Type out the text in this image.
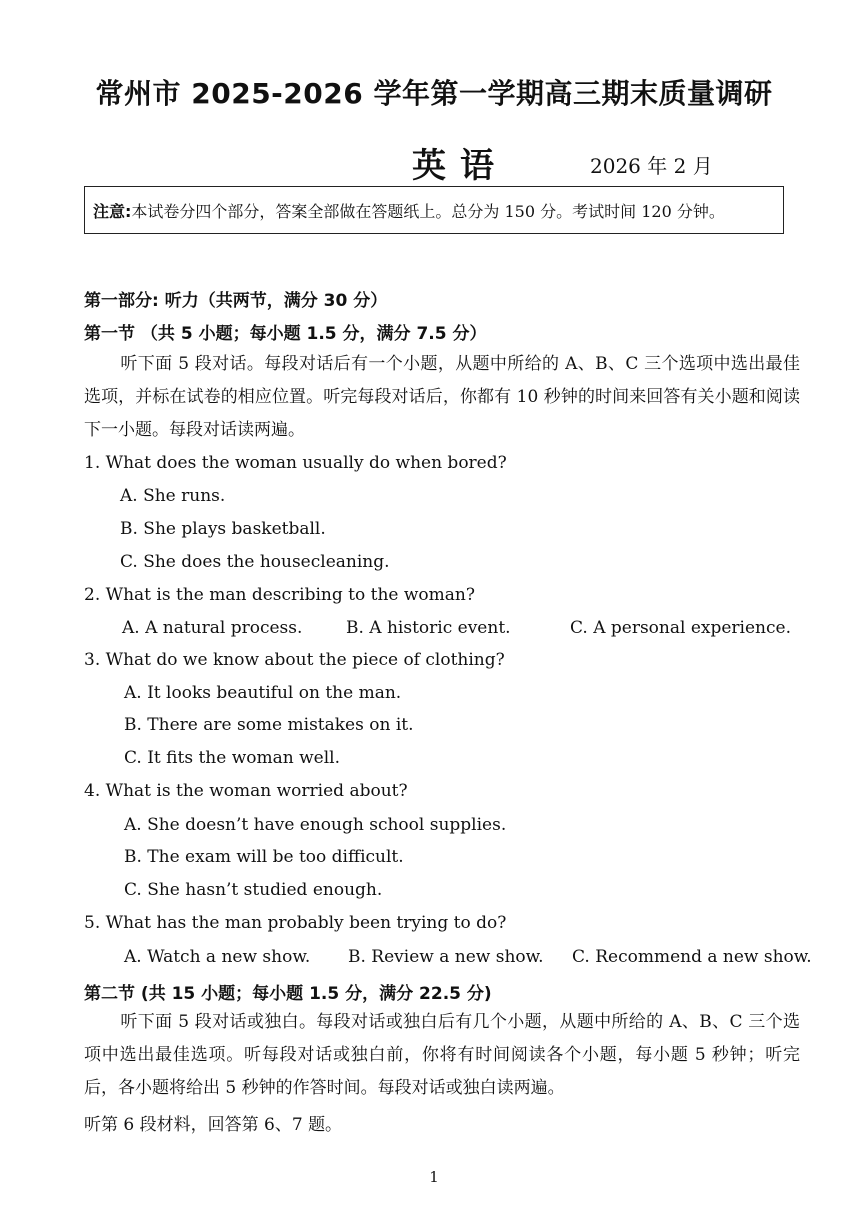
常州市 2025-2026 学年第一学期高三期末质量调研
英语	2026 年 2 月
注意:本试卷分四个部分，答案全部做在答题纸上。总分为 150 分。考试时间 120 分钟。
第一部分: 听力（共两节，满分 30 分）
第一节 （共 5 小题；每小题 1.5 分，满分 7.5 分）
听下面 5 段对话。每段对话后有一个小题，从题中所给的 A、B、C 三个选项中选出最佳选项，并标在试卷的相应位置。听完每段对话后，你都有 10 秒钟的时间来回答有关小题和阅读下一小题。每段对话读两遍。
1. What does the woman usually do when bored?
A. She runs.
B. She plays basketball.
C. She does the housecleaning.
2. What is the man describing to the woman?
A. A natural process.	B. A historic event.	C. A personal experience.
3. What do we know about the piece of clothing?
A. It looks beautiful on the man.
B. There are some mistakes on it.
C. It fits the woman well.
4. What is the woman worried about?
A. She doesn’t have enough school supplies.
B. The exam will be too difficult.
C. She hasn’t studied enough.
5. What has the man probably been trying to do?
A. Watch a new show. B. Review a new show. C. Recommend a new show.
第二节 (共 15 小题；每小题 1.5 分，满分 22.5 分)
听下面 5 段对话或独白。每段对话或独白后有几个小题，从题中所给的 A、B、C 三个选项中选出最佳选项。听每段对话或独白前，你将有时间阅读各个小题，每小题 5 秒钟；听完后，各小题将给出 5 秒钟的作答时间。每段对话或独白读两遍。
听第 6 段材料，回答第 6、7 题。
1
